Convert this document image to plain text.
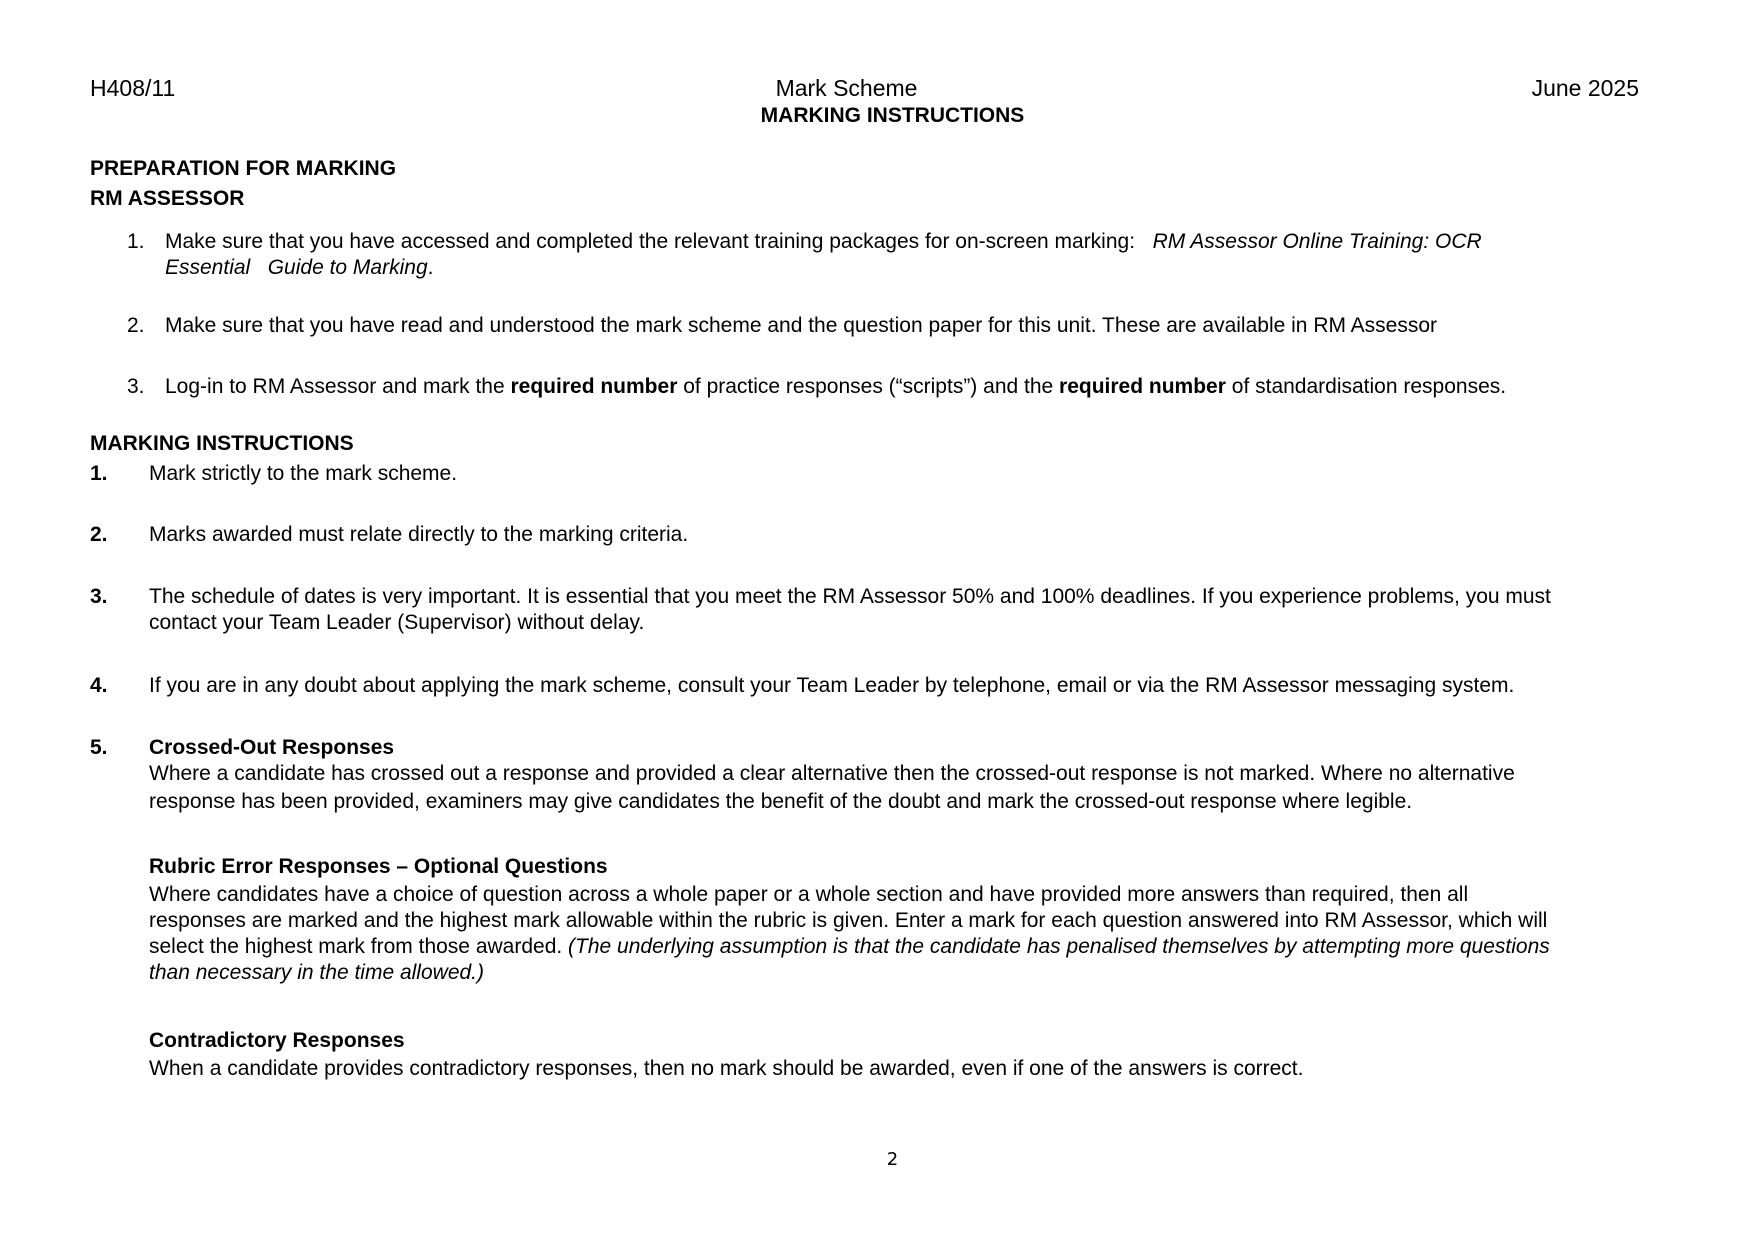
H408/11	Mark Scheme	June 2025
MARKING INSTRUCTIONS
PREPARATION FOR MARKING
RM ASSESSOR
1. Make sure that you have accessed and completed the relevant training packages for on-screen marking: RM Assessor Online Training: OCR
Essential   Guide to Marking.
2. Make sure that you have read and understood the mark scheme and the question paper for this unit. These are available in RM Assessor
3. Log-in to RM Assessor and mark the required number of practice responses (“scripts”) and the required number of standardisation responses.
MARKING INSTRUCTIONS
1. Mark strictly to the mark scheme.
2. Marks awarded must relate directly to the marking criteria.
3. The schedule of dates is very important. It is essential that you meet the RM Assessor 50% and 100% deadlines. If you experience problems, you must
contact your Team Leader (Supervisor) without delay.
4. If you are in any doubt about applying the mark scheme, consult your Team Leader by telephone, email or via the RM Assessor messaging system.
5. Crossed-Out Responses
Where a candidate has crossed out a response and provided a clear alternative then the crossed-out response is not marked. Where no alternative
response has been provided, examiners may give candidates the benefit of the doubt and mark the crossed-out response where legible.
Rubric Error Responses – Optional Questions
Where candidates have a choice of question across a whole paper or a whole section and have provided more answers than required, then all
responses are marked and the highest mark allowable within the rubric is given. Enter a mark for each question answered into RM Assessor, which will
select the highest mark from those awarded. (The underlying assumption is that the candidate has penalised themselves by attempting more questions
than necessary in the time allowed.)
Contradictory Responses
When a candidate provides contradictory responses, then no mark should be awarded, even if one of the answers is correct.
2
